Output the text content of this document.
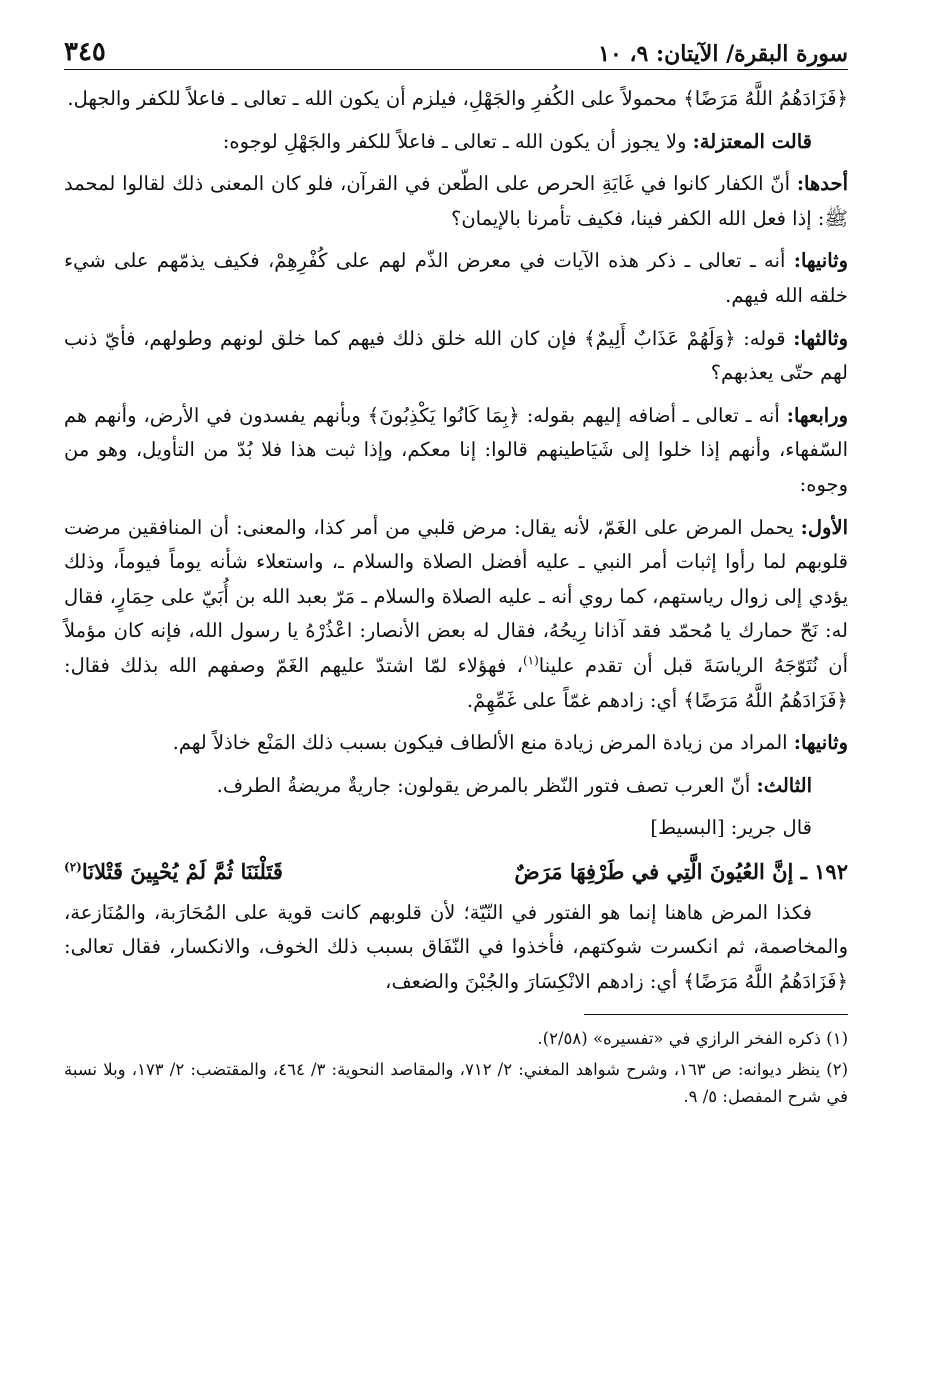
سورة البقرة/ الآيتان: ٩، ١٠
٣٤٥

﴿فَزَادَهُمُ اللَّهُ مَرَضًا﴾ محمولاً على الكُفرِ والجَهْلِ، فيلزم أن يكون الله ـ تعالى ـ فاعلاً للكفر والجهل.

قالت المعتزلة: ولا يجوز أن يكون الله ـ تعالى ـ فاعلاً للكفر والجَهْلِ لوجوه:

أحدها: أنّ الكفار كانوا في غَايَةِ الحرص على الطّعن في القرآن، فلو كان المعنى ذلك لقالوا لمحمد ﷺ: إذا فعل الله الكفر فينا، فكيف تأمرنا بالإيمان؟

وثانيها: أنه ـ تعالى ـ ذكر هذه الآيات في معرض الذّم لهم على كُفْرِهِمْ، فكيف يذمّهم على شيء خلقه الله فيهم.

وثالثها: قوله: ﴿وَلَهُمْ عَذَابٌ أَلِيمٌ﴾ فإن كان الله خلق ذلك فيهم كما خلق لونهم وطولهم، فأيّ ذنب لهم حتّى يعذبهم؟

ورابعها: أنه ـ تعالى ـ أضافه إليهم بقوله: ﴿بِمَا كَانُوا يَكْذِبُونَ﴾ وبأنهم يفسدون في الأرض، وأنهم هم السّفهاء، وأنهم إذا خلوا إلى شَيَاطينهم قالوا: إنا معكم، وإذا ثبت هذا فلا بُدّ من التأويل، وهو من وجوه:

الأول: يحمل المرض على الغَمّ، لأنه يقال: مرض قلبي من أمر كذا، والمعنى: أن المنافقين مرضت قلوبهم لما رأوا إثبات أمر النبي ـ عليه أفضل الصلاة والسلام ـ، واستعلاء شأنه يوماً فيوماً، وذلك يؤدي إلى زوال رياستهم، كما روي أنه ـ عليه الصلاة والسلام ـ مَرّ بعبد الله بن أُبَيّ على حِمَارٍ، فقال له: نَحّ حمارك يا مُحمّد فقد آذانا رِيحُهُ، فقال له بعض الأنصار: اعْذُرْهُ يا رسول الله، فإنه كان مؤملاً أن نُتَوّجَهُ الرياسَةَ قبل أن تقدم علينا$^{(١)}$، فهؤلاء لمّا اشتدّ عليهم الغَمّ وصفهم الله بذلك فقال: ﴿فَزَادَهُمُ اللَّهُ مَرَضًا﴾ أي: زادهم غمّاً على غَمِّهِمْ.

وثانيها: المراد من زيادة المرض زيادة منع الألطاف فيكون بسبب ذلك المَنْع خاذلاً لهم.

الثالث: أنّ العرب تصف فتور النّظر بالمرض يقولون: جاريةٌ مريضةُ الطرف.

قال جرير: [البسيط]

١٩٢ ـ إنَّ العُيُونَ الَّتِي في طَرْفِهَا مَرَضٌ
قَتَلْنَنَا ثُمَّ لَمْ يُحْيِينَ قَتْلانَا$^{(٢)}$

فكذا المرض هاهنا إنما هو الفتور في النّيّة؛ لأن قلوبهم كانت قوية على المُحَارَبة، والمُنَازعة، والمخاصمة، ثم انكسرت شوكتهم، فأخذوا في النّفَاق بسبب ذلك الخوف، والانكسار، فقال تعالى: ﴿فَزَادَهُمُ اللَّهُ مَرَضًا﴾ أي: زادهم الانْكِسَارَ والجُبْنَ والضعف،

(١) ذكره الفخر الرازي في «تفسيره» (٢/٥٨).

(٢) ينظر ديوانه: ص ١٦٣، وشرح شواهد المغني: ٢/ ٧١٢، والمقاصد النحوية: ٣/ ٤٦٤، والمقتضب: ٢/ ١٧٣، وبلا نسبة في شرح المفصل: ٥/ ٩.
